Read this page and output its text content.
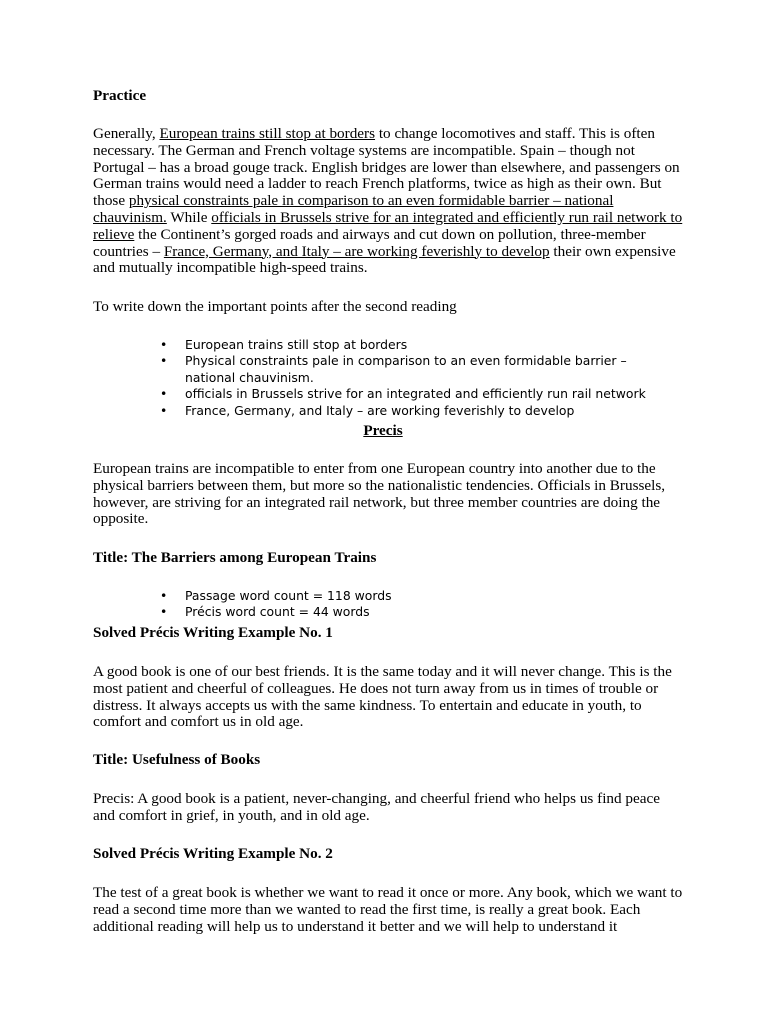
Practice

Generally, European trains still stop at borders to change locomotives and staff. This is often necessary. The German and French voltage systems are incompatible. Spain – though not Portugal – has a broad gouge track. English bridges are lower than elsewhere, and passengers on German trains would need a ladder to reach French platforms, twice as high as their own. But those physical constraints pale in comparison to an even formidable barrier – national chauvinism. While officials in Brussels strive for an integrated and efficiently run rail network to relieve the Continent’s gorged roads and airways and cut down on pollution, three-member countries – France, Germany, and Italy – are working feverishly to develop their own expensive and mutually incompatible high-speed trains.

To write down the important points after the second reading

• European trains still stop at borders
• Physical constraints pale in comparison to an even formidable barrier – national chauvinism.
• officials in Brussels strive for an integrated and efficiently run rail network
• France, Germany, and Italy – are working feverishly to develop

Precis

European trains are incompatible to enter from one European country into another due to the physical barriers between them, but more so the nationalistic tendencies. Officials in Brussels, however, are striving for an integrated rail network, but three member countries are doing the opposite.

Title: The Barriers among European Trains

• Passage word count = 118 words
• Précis word count = 44 words

Solved Précis Writing Example No. 1

A good book is one of our best friends. It is the same today and it will never change. This is the most patient and cheerful of colleagues. He does not turn away from us in times of trouble or distress. It always accepts us with the same kindness. To entertain and educate in youth, to comfort and comfort us in old age.

Title: Usefulness of Books

Precis: A good book is a patient, never-changing, and cheerful friend who helps us find peace and comfort in grief, in youth, and in old age.

Solved Précis Writing Example No. 2

The test of a great book is whether we want to read it once or more. Any book, which we want to read a second time more than we wanted to read the first time, is really a great book. Each additional reading will help us to understand it better and we will help to understand it
